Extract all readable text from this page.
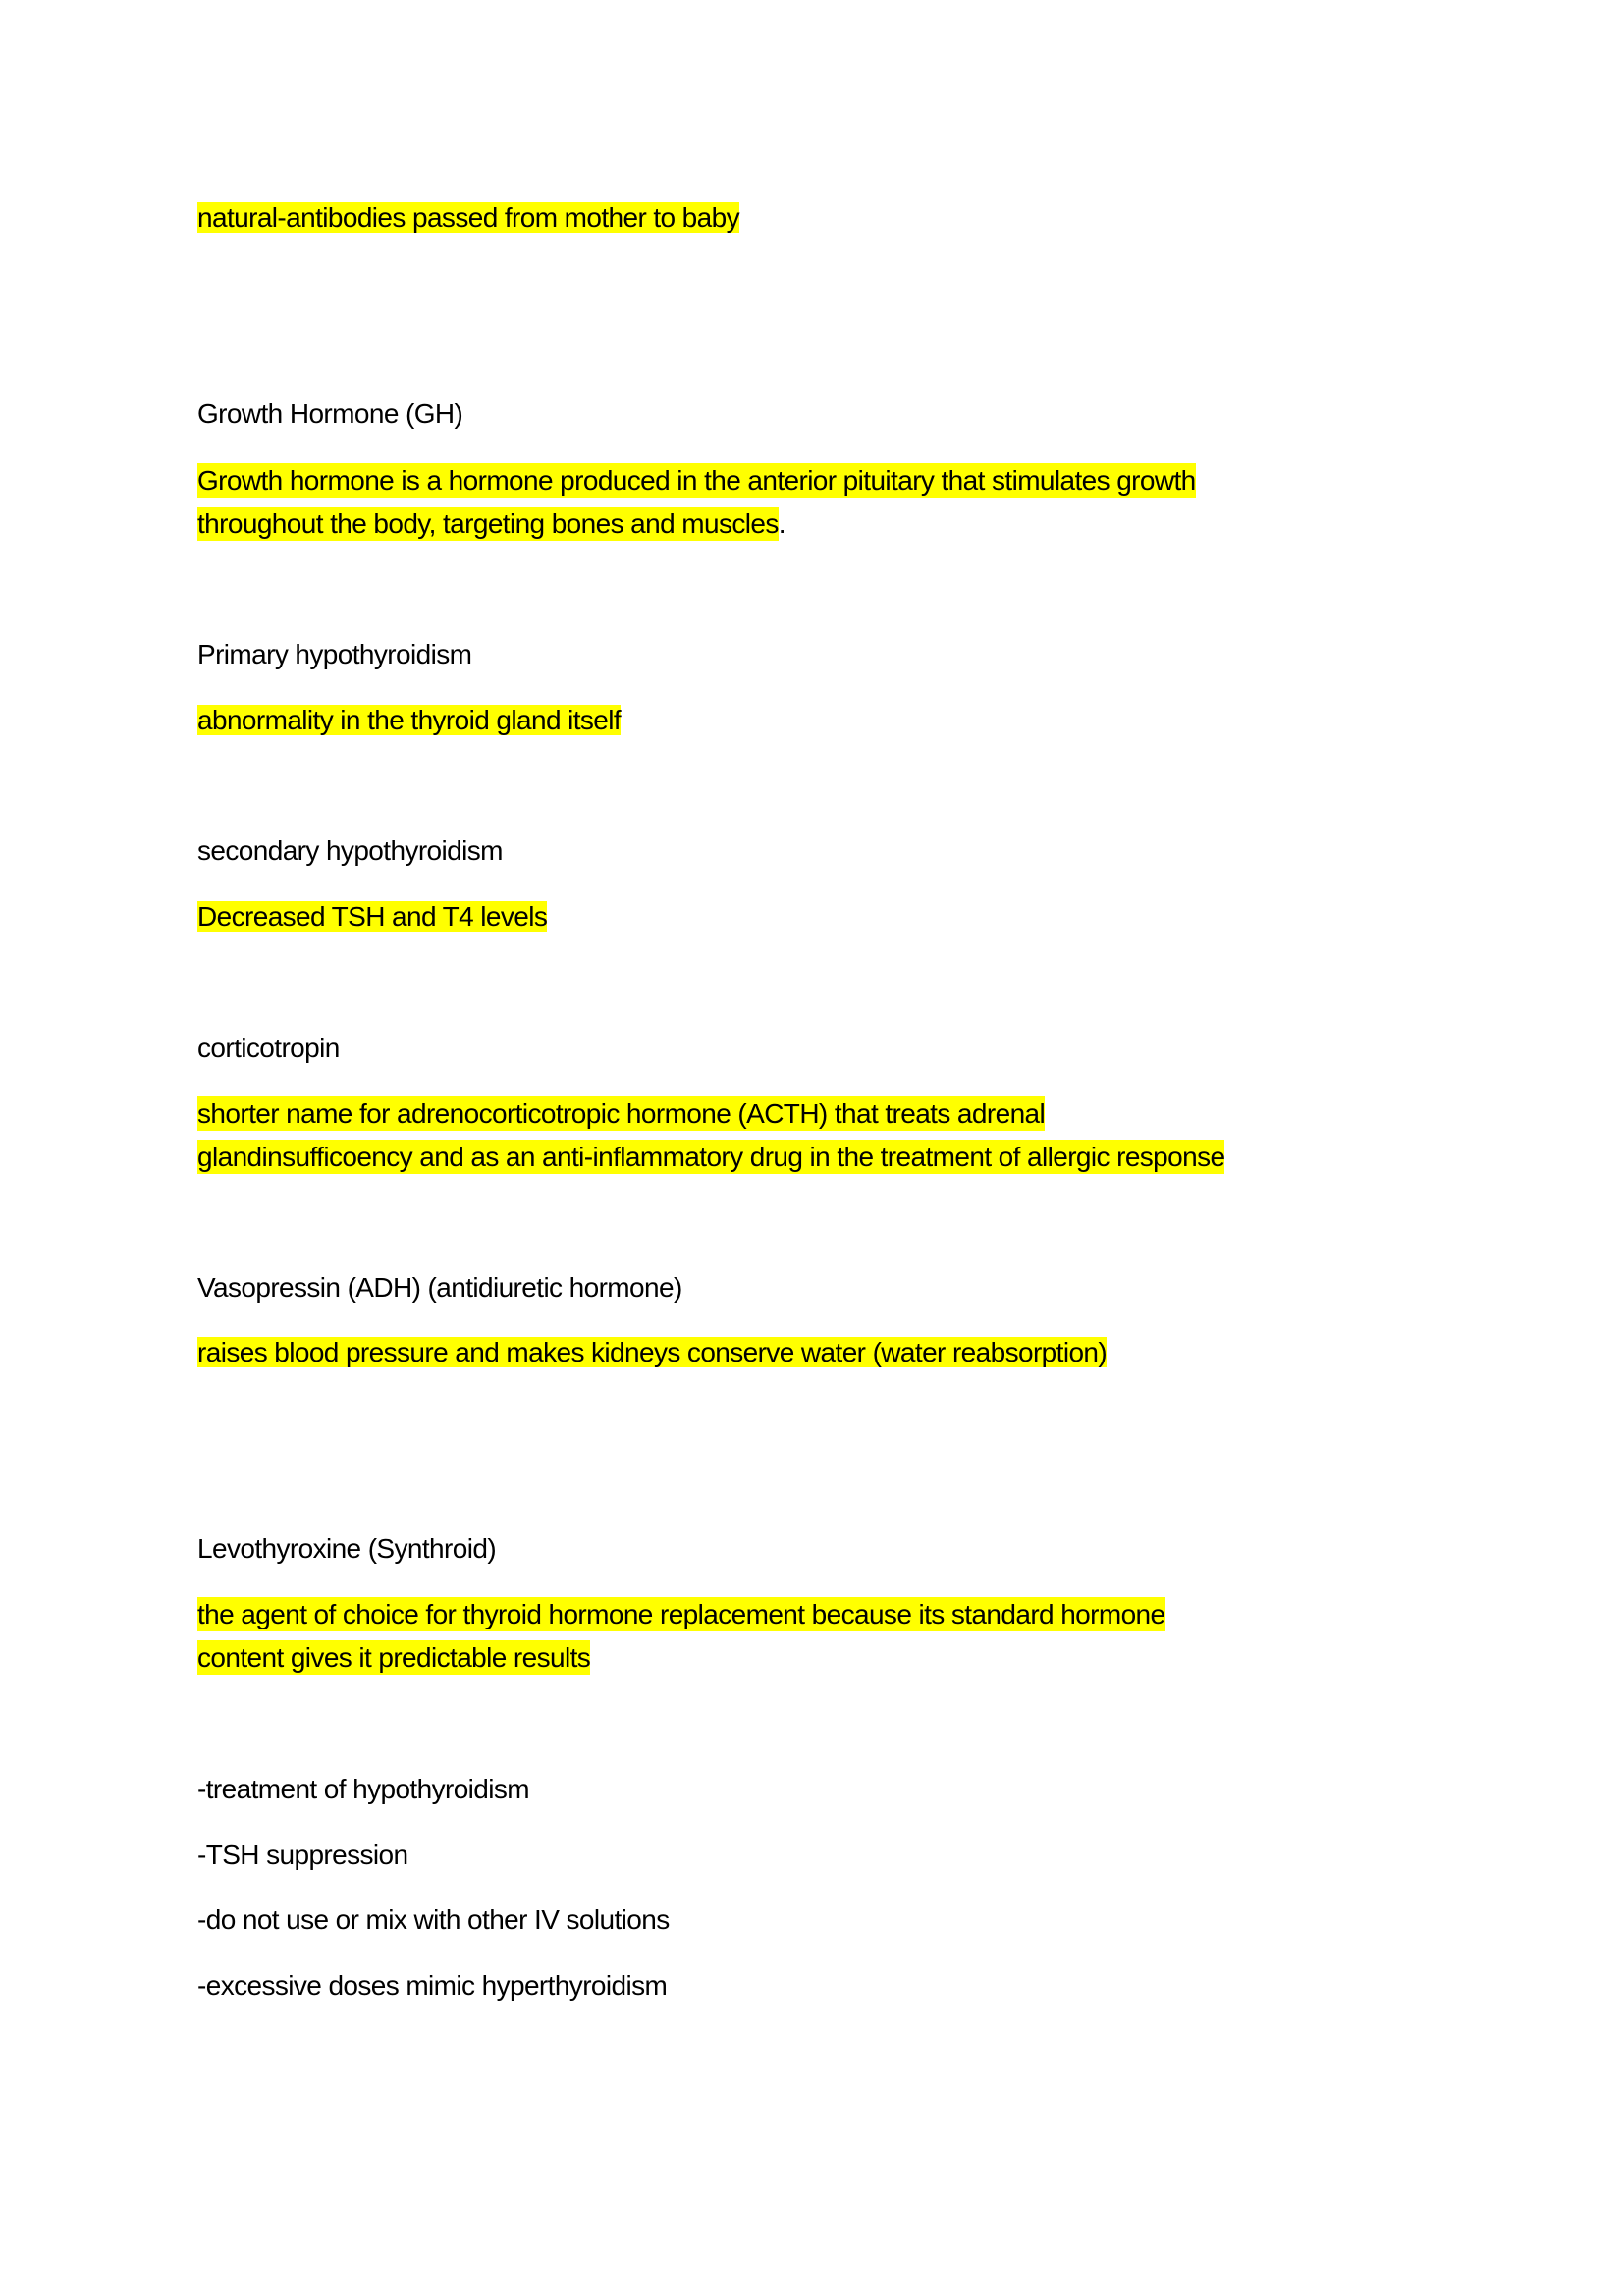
natural-antibodies passed from mother to baby
Growth Hormone (GH)
Growth hormone is a hormone produced in the anterior pituitary that stimulates growth
throughout the body, targeting bones and muscles.
Primary hypothyroidism
abnormality in the thyroid gland itself
secondary hypothyroidism
Decreased TSH and T4 levels
corticotropin
shorter name for adrenocorticotropic hormone (ACTH) that treats adrenal
glandinsufficoency and as an anti-inflammatory drug in the treatment of allergic response
Vasopressin (ADH) (antidiuretic hormone)
raises blood pressure and makes kidneys conserve water (water reabsorption)
Levothyroxine (Synthroid)
the agent of choice for thyroid hormone replacement because its standard hormone
content gives it predictable results
-treatment of hypothyroidism
-TSH suppression
-do not use or mix with other IV solutions
-excessive doses mimic hyperthyroidism
